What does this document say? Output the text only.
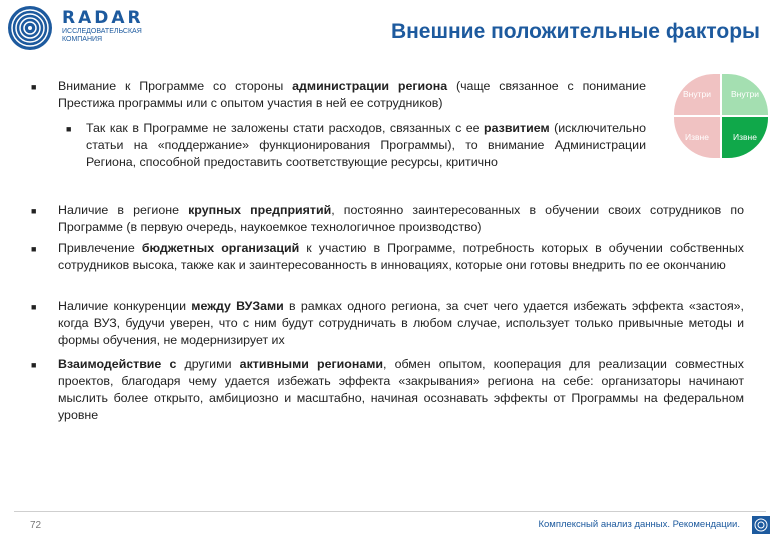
RADAR
ИССЛЕДОВАТЕЛЬСКАЯ КОМПАНИЯ	Внешние положительные факторы
Внутри	Внутри
Извне	Извне
■ Внимание к Программе со стороны администрации региона (чаще связанное с понимание Престижа программы или с опытом участия в ней ее сотрудников)
■ Так как в Программе не заложены стати расходов, связанных с ее развитием (исключительно статьи на «поддержание» функционирования Программы), то внимание Администрации Региона, способной предоставить соответствующие ресурсы, критично
■ Наличие в регионе крупных предприятий, постоянно заинтересованных в обучении своих сотрудников по Программе (в первую очередь, наукоемкое технологичное производство)
■ Привлечение бюджетных организаций к участию в Программе, потребность которых в обучении собственных сотрудников высока, также как и заинтересованность в инновациях, которые они готовы внедрить по ее окончанию
■ Наличие конкуренции между ВУЗами в рамках одного региона, за счет чего удается избежать эффекта «застоя», когда ВУЗ, будучи уверен, что с ним будут сотрудничать в любом случае, использует только привычные методы и формы обучения, не модернизирует их
■ Взаимодействие с другими активными регионами, обмен опытом, кооперация для реализации совместных проектов, благодаря чему удается избежать эффекта «закрывания» региона на себе: организаторы начинают мыслить более открыто, амбициозно и масштабно, начиная осознавать эффекты от Программы на федеральном уровне
72	Комплексный анализ данных. Рекомендации.
